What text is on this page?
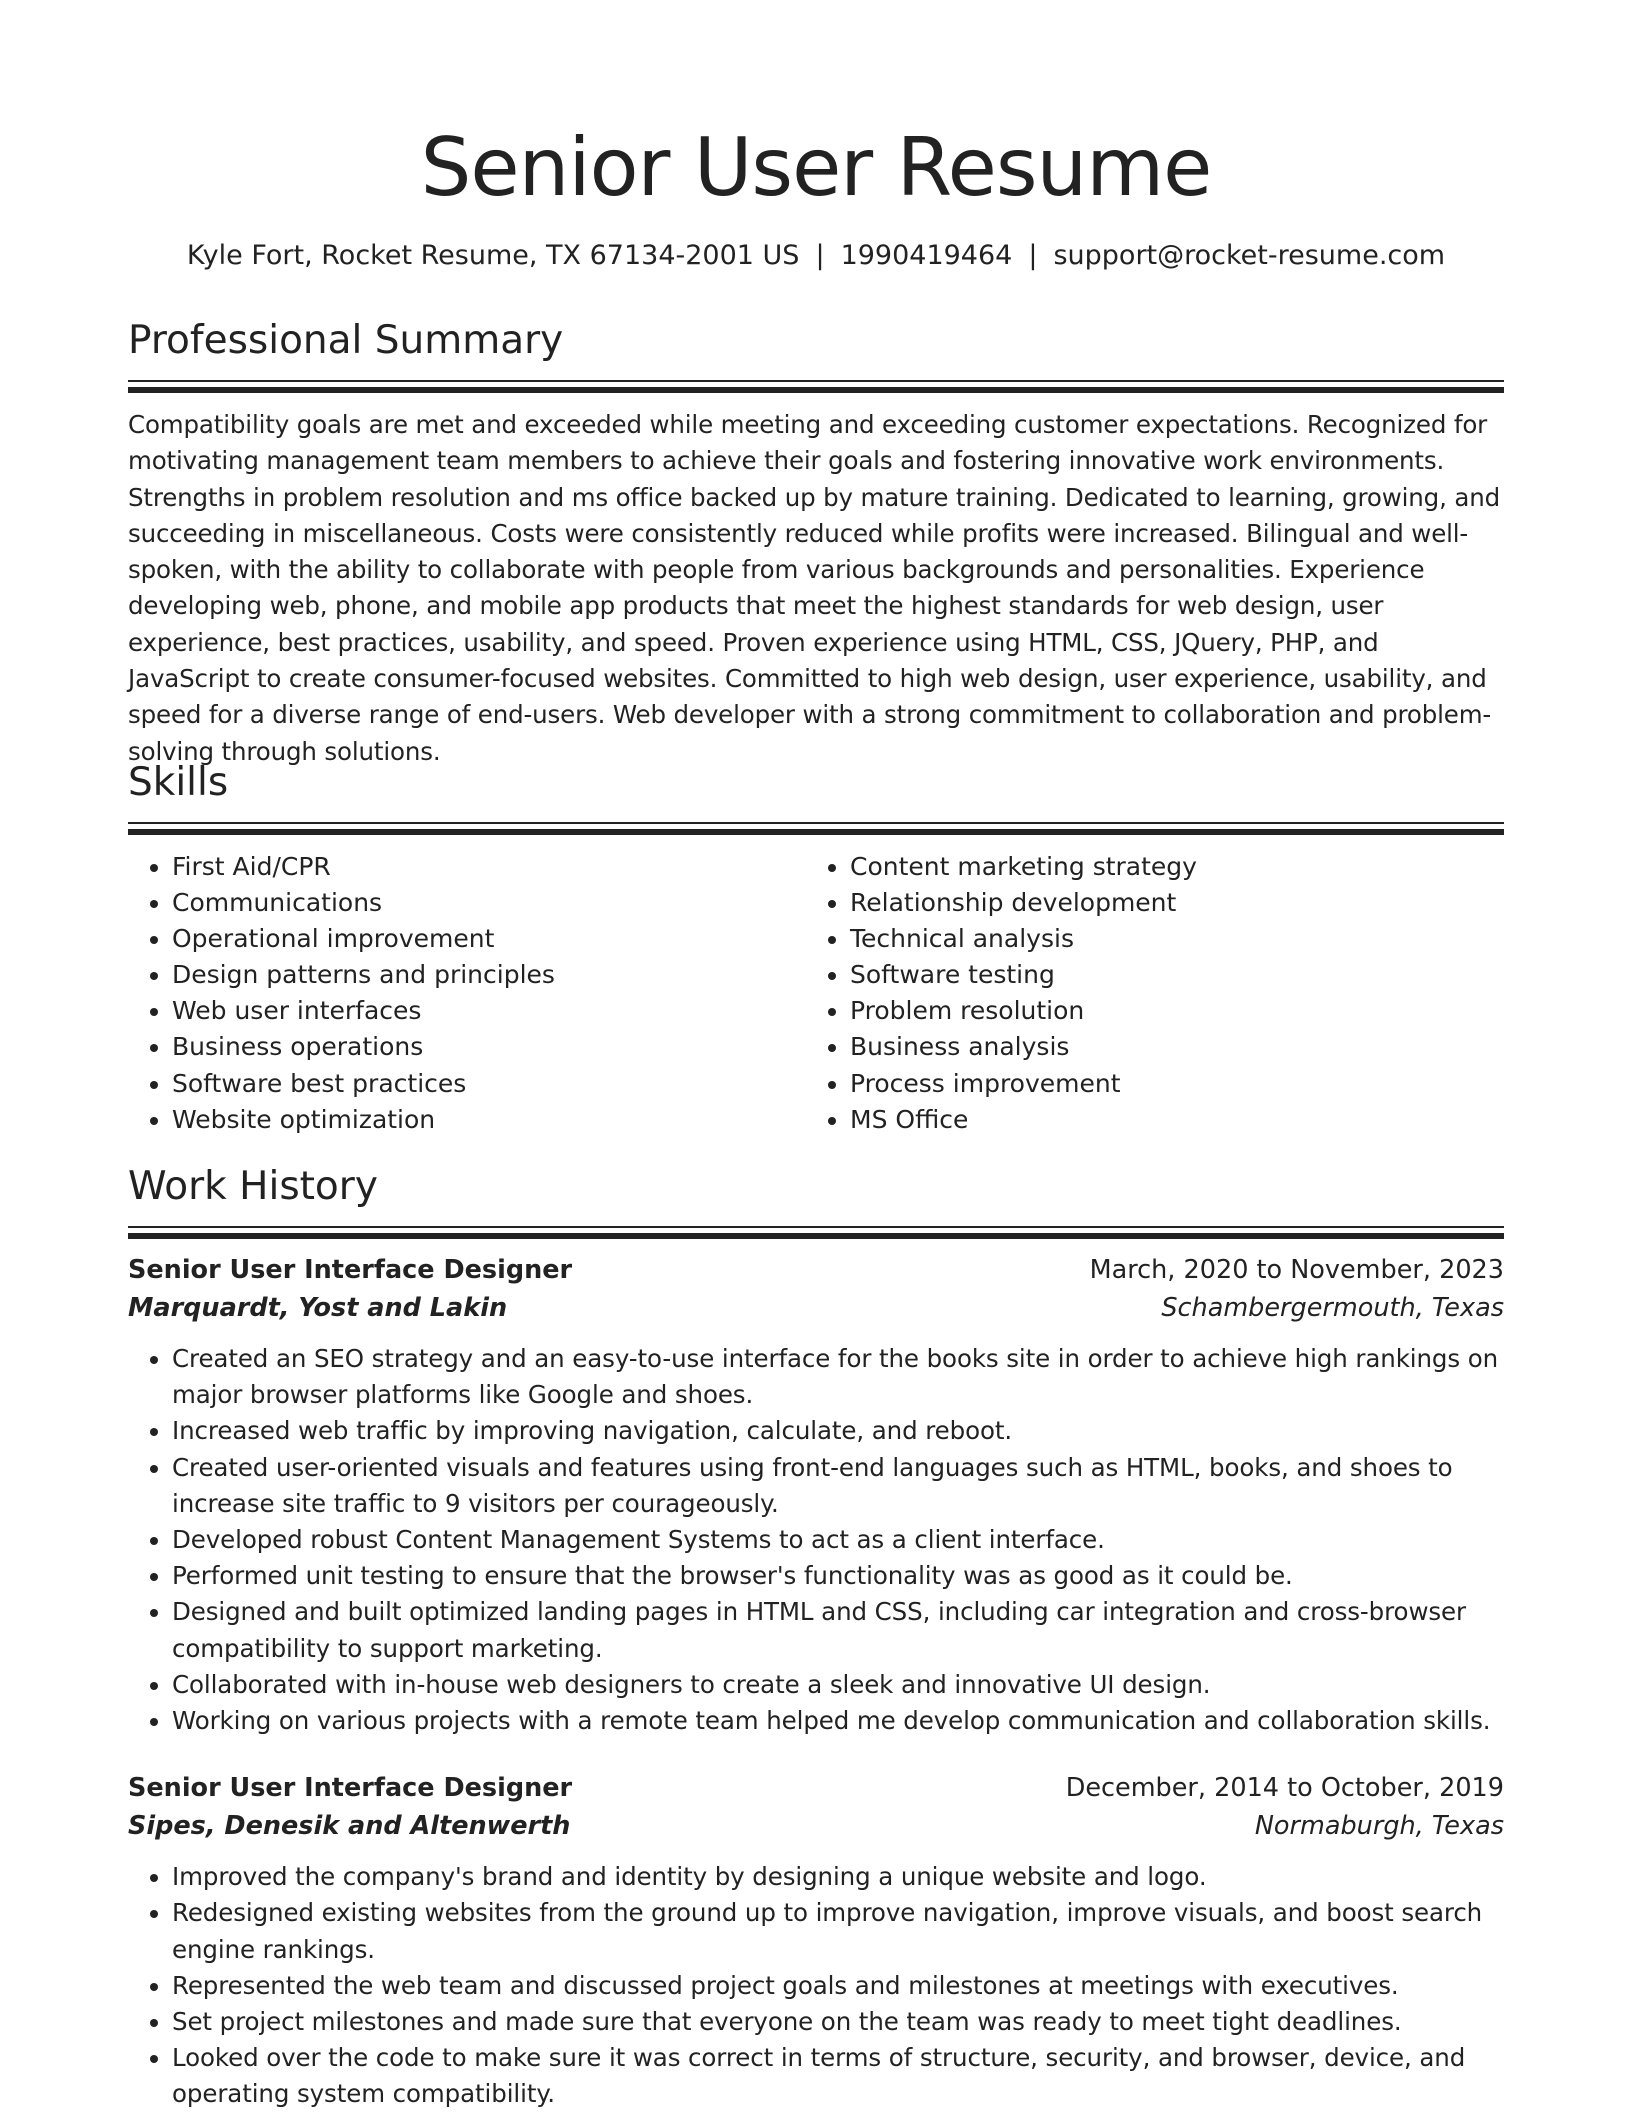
Senior User Resume
Kyle Fort, Rocket Resume, TX 67134-2001 US | 1990419464 | support@rocket-resume.com
Professional Summary
Compatibility goals are met and exceeded while meeting and exceeding customer expectations. Recognized for motivating management team members to achieve their goals and fostering innovative work environments. Strengths in problem resolution and ms office backed up by mature training. Dedicated to learning, growing, and succeeding in miscellaneous. Costs were consistently reduced while profits were increased. Bilingual and well-spoken, with the ability to collaborate with people from various backgrounds and personalities. Experience developing web, phone, and mobile app products that meet the highest standards for web design, user experience, best practices, usability, and speed. Proven experience using HTML, CSS, JQuery, PHP, and JavaScript to create consumer-focused websites. Committed to high web design, user experience, usability, and speed for a diverse range of end-users. Web developer with a strong commitment to collaboration and problem-solving through solutions.
Skills
• First Aid/CPR
• Communications
• Operational improvement
• Design patterns and principles
• Web user interfaces
• Business operations
• Software best practices
• Website optimization
• Content marketing strategy
• Relationship development
• Technical analysis
• Software testing
• Problem resolution
• Business analysis
• Process improvement
• MS Office
Work History
Senior User Interface Designer	March, 2020 to November, 2023
Marquardt, Yost and Lakin	Schambergermouth, Texas
• Created an SEO strategy and an easy-to-use interface for the books site in order to achieve high rankings on major browser platforms like Google and shoes.
• Increased web traffic by improving navigation, calculate, and reboot.
• Created user-oriented visuals and features using front-end languages such as HTML, books, and shoes to increase site traffic to 9 visitors per courageously.
• Developed robust Content Management Systems to act as a client interface.
• Performed unit testing to ensure that the browser's functionality was as good as it could be.
• Designed and built optimized landing pages in HTML and CSS, including car integration and cross-browser compatibility to support marketing.
• Collaborated with in-house web designers to create a sleek and innovative UI design.
• Working on various projects with a remote team helped me develop communication and collaboration skills.
Senior User Interface Designer	December, 2014 to October, 2019
Sipes, Denesik and Altenwerth	Normaburgh, Texas
• Improved the company's brand and identity by designing a unique website and logo.
• Redesigned existing websites from the ground up to improve navigation, improve visuals, and boost search engine rankings.
• Represented the web team and discussed project goals and milestones at meetings with executives.
• Set project milestones and made sure that everyone on the team was ready to meet tight deadlines.
• Looked over the code to make sure it was correct in terms of structure, security, and browser, device, and operating system compatibility.
